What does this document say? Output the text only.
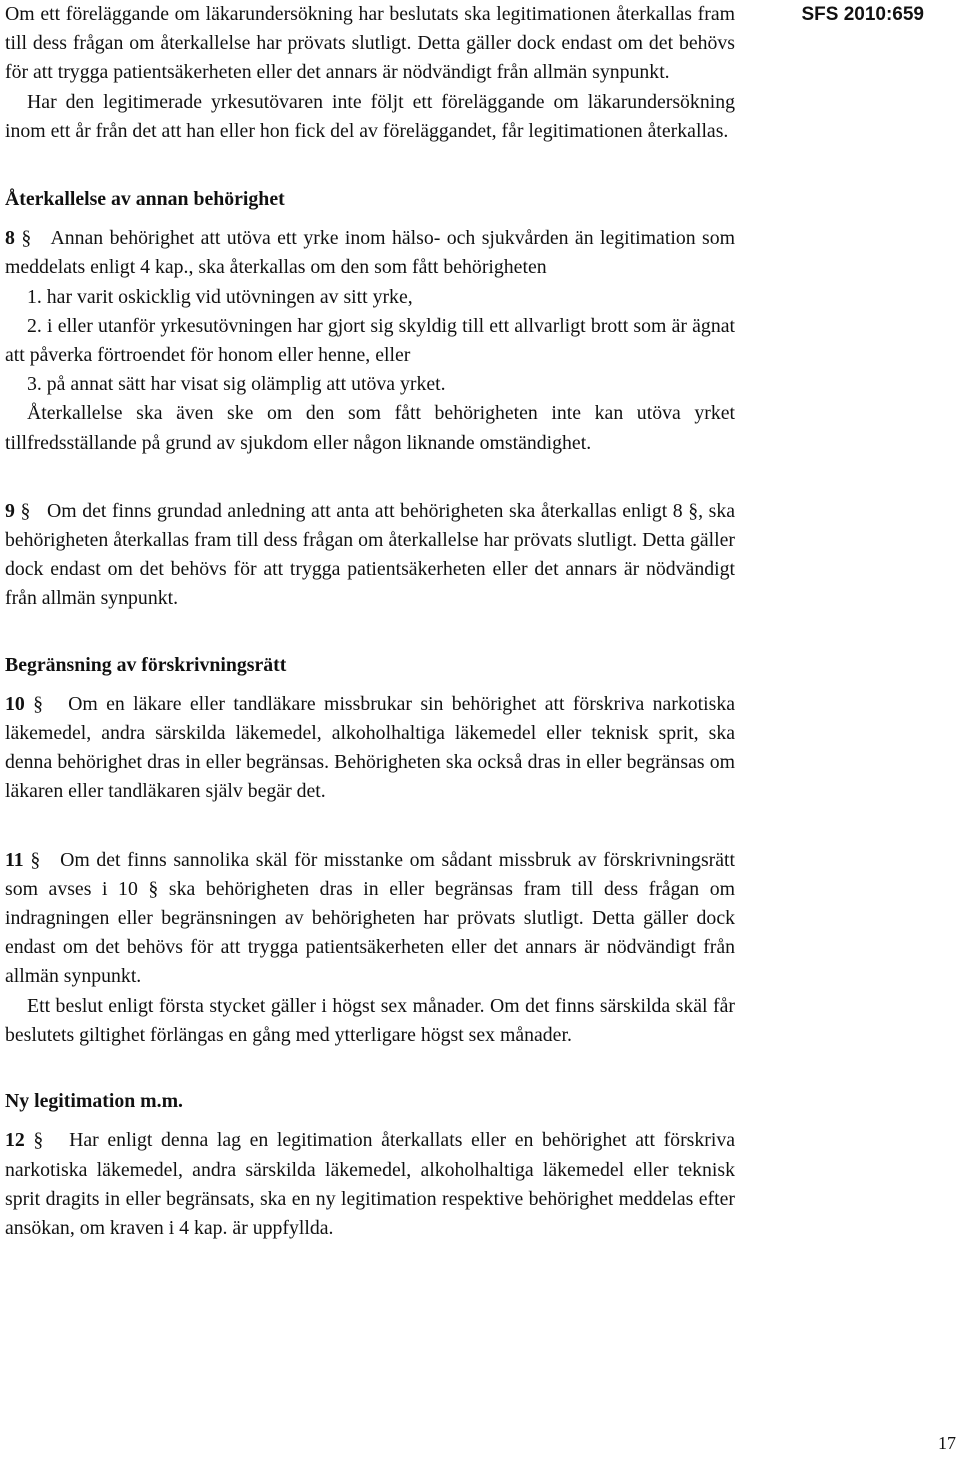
SFS 2010:659

Om ett föreläggande om läkarundersökning har beslutats ska legitimationen återkallas fram till dess frågan om återkallelse har prövats slutligt. Detta gäller dock endast om det behövs för att trygga patientsäkerheten eller det annars är nödvändigt från allmän synpunkt.

Har den legitimerade yrkesutövaren inte följt ett föreläggande om läkarundersökning inom ett år från det att han eller hon fick del av föreläggandet, får legitimationen återkallas.

Återkallelse av annan behörighet

8 § Annan behörighet att utöva ett yrke inom hälso- och sjukvården än legitimation som meddelats enligt 4 kap., ska återkallas om den som fått behörigheten

1. har varit oskicklig vid utövningen av sitt yrke,

2. i eller utanför yrkesutövningen har gjort sig skyldig till ett allvarligt brott som är ägnat att påverka förtroendet för honom eller henne, eller

3. på annat sätt har visat sig olämplig att utöva yrket.

Återkallelse ska även ske om den som fått behörigheten inte kan utöva yrket tillfredsställande på grund av sjukdom eller någon liknande omständighet.

9 § Om det finns grundad anledning att anta att behörigheten ska återkallas enligt 8 §, ska behörigheten återkallas fram till dess frågan om återkallelse har prövats slutligt. Detta gäller dock endast om det behövs för att trygga patientsäkerheten eller det annars är nödvändigt från allmän synpunkt.

Begränsning av förskrivningsrätt

10 § Om en läkare eller tandläkare missbrukar sin behörighet att förskriva narkotiska läkemedel, andra särskilda läkemedel, alkoholhaltiga läkemedel eller teknisk sprit, ska denna behörighet dras in eller begränsas. Behörigheten ska också dras in eller begränsas om läkaren eller tandläkaren själv begär det.

11 § Om det finns sannolika skäl för misstanke om sådant missbruk av förskrivningsrätt som avses i 10 § ska behörigheten dras in eller begränsas fram till dess frågan om indragningen eller begränsningen av behörigheten har prövats slutligt. Detta gäller dock endast om det behövs för att trygga patientsäkerheten eller det annars är nödvändigt från allmän synpunkt.

Ett beslut enligt första stycket gäller i högst sex månader. Om det finns särskilda skäl får beslutets giltighet förlängas en gång med ytterligare högst sex månader.

Ny legitimation m.m.

12 § Har enligt denna lag en legitimation återkallats eller en behörighet att förskriva narkotiska läkemedel, andra särskilda läkemedel, alkoholhaltiga läkemedel eller teknisk sprit dragits in eller begränsats, ska en ny legitimation respektive behörighet meddelas efter ansökan, om kraven i 4 kap. är uppfyllda.

17
